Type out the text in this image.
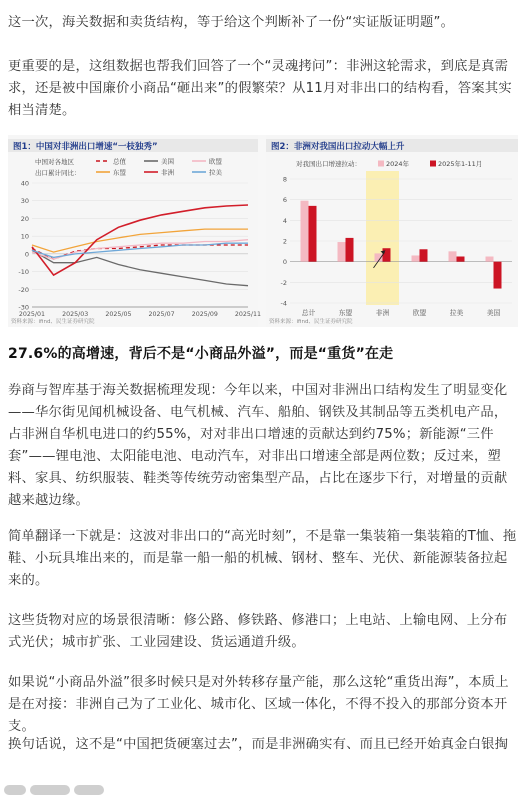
这一次，海关数据和卖货结构，等于给这个判断补了一份“实证版证明题”。

更重要的是，这组数据也帮我们回答了一个“灵魂拷问”：非洲这轮需求，到底是真需求，还是被中国廉价小商品“砸出来”的假繁荣？从11月对非出口的结构看，答案其实相当清楚。

图1：中国对非洲出口增速“一枝独秀”
中国对各地区
出口累计同比：
资料来源：ifind、民生证券研究院
-30
-20
-10
0
10
20
30
40
2025/01	2025/03	2025/05	2025/07	2025/09	2025/11
总值	美国	欧盟
东盟	非洲	拉美
图2：非洲对我国出口拉动大幅上升
对我国出口增速拉动：
资料来源：ifind、民生证券研究院
-4
-2
0
2
4
6
8
总计	东盟	非洲	欧盟	拉美	美国
2024年	2025年1-11月

27.6%的高增速，背后不是“小商品外溢”，而是“重货”在走

券商与智库基于海关数据梳理发现：今年以来，中国对非洲出口结构发生了明显变化——华尔街见闻机械设备、电气机械、汽车、船舶、钢铁及其制品等五类机电产品，占非洲自华机电进口的约55%，对对非出口增速的贡献达到约75%；新能源“三件套”——锂电池、太阳能电池、电动汽车，对非出口增速全部是两位数；反过来，塑料、家具、纺织服装、鞋类等传统劳动密集型产品，占比在逐步下行，对增量的贡献越来越边缘。

简单翻译一下就是：这波对非出口的“高光时刻”，不是靠一集装箱一集装箱的T恤、拖鞋、小玩具堆出来的，而是靠一船一船的机械、钢材、整车、光伏、新能源装备拉起来的。

这些货物对应的场景很清晰：修公路、修铁路、修港口；上电站、上输电网、上分布式光伏；城市扩张、工业园建设、货运通道升级。

如果说“小商品外溢”很多时候只是对外转移存量产能，那么这轮“重货出海”，本质上是在对接：非洲自己为了工业化、城市化、区域一体化，不得不投入的那部分资本开支。

换句话说，这不是“中国把货硬塞过去”，而是非洲确实有、而且已经开始真金白银掏
